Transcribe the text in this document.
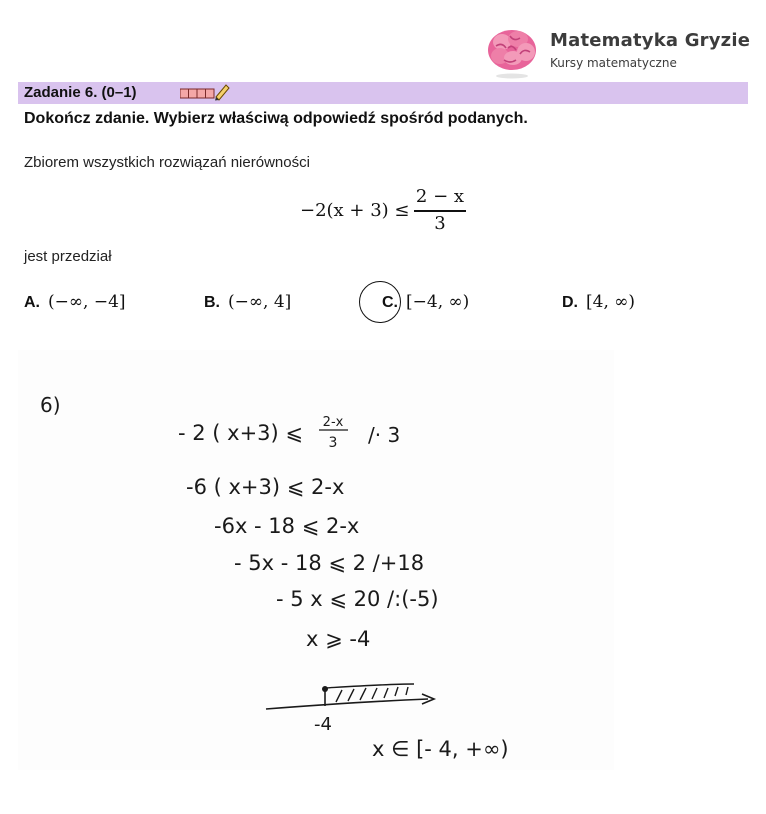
Matematyka Gryzie
Kursy matematyczne
Zadanie 6. (0–1)
Dokończ zdanie. Wybierz właściwą odpowiedź spośród podanych.
Zbiorem wszystkich rozwiązań nierówności
−2(x + 3) ≤
2 − x
3
jest przedział
A. (−∞, −4]	B. (−∞, 4]	C. [−4, ∞)	D. [4, ∞)
6)
- 2 ( x+3) ⩽ 2-x
3 /· 3
-6 ( x+3) ⩽ 2-x
-6x - 18 ⩽ 2-x
- 5x - 18 ⩽ 2 /+18
- 5 x ⩽ 20 /:(-5)
x ⩾ -4
-4
x ∈ [- 4, +∞)
